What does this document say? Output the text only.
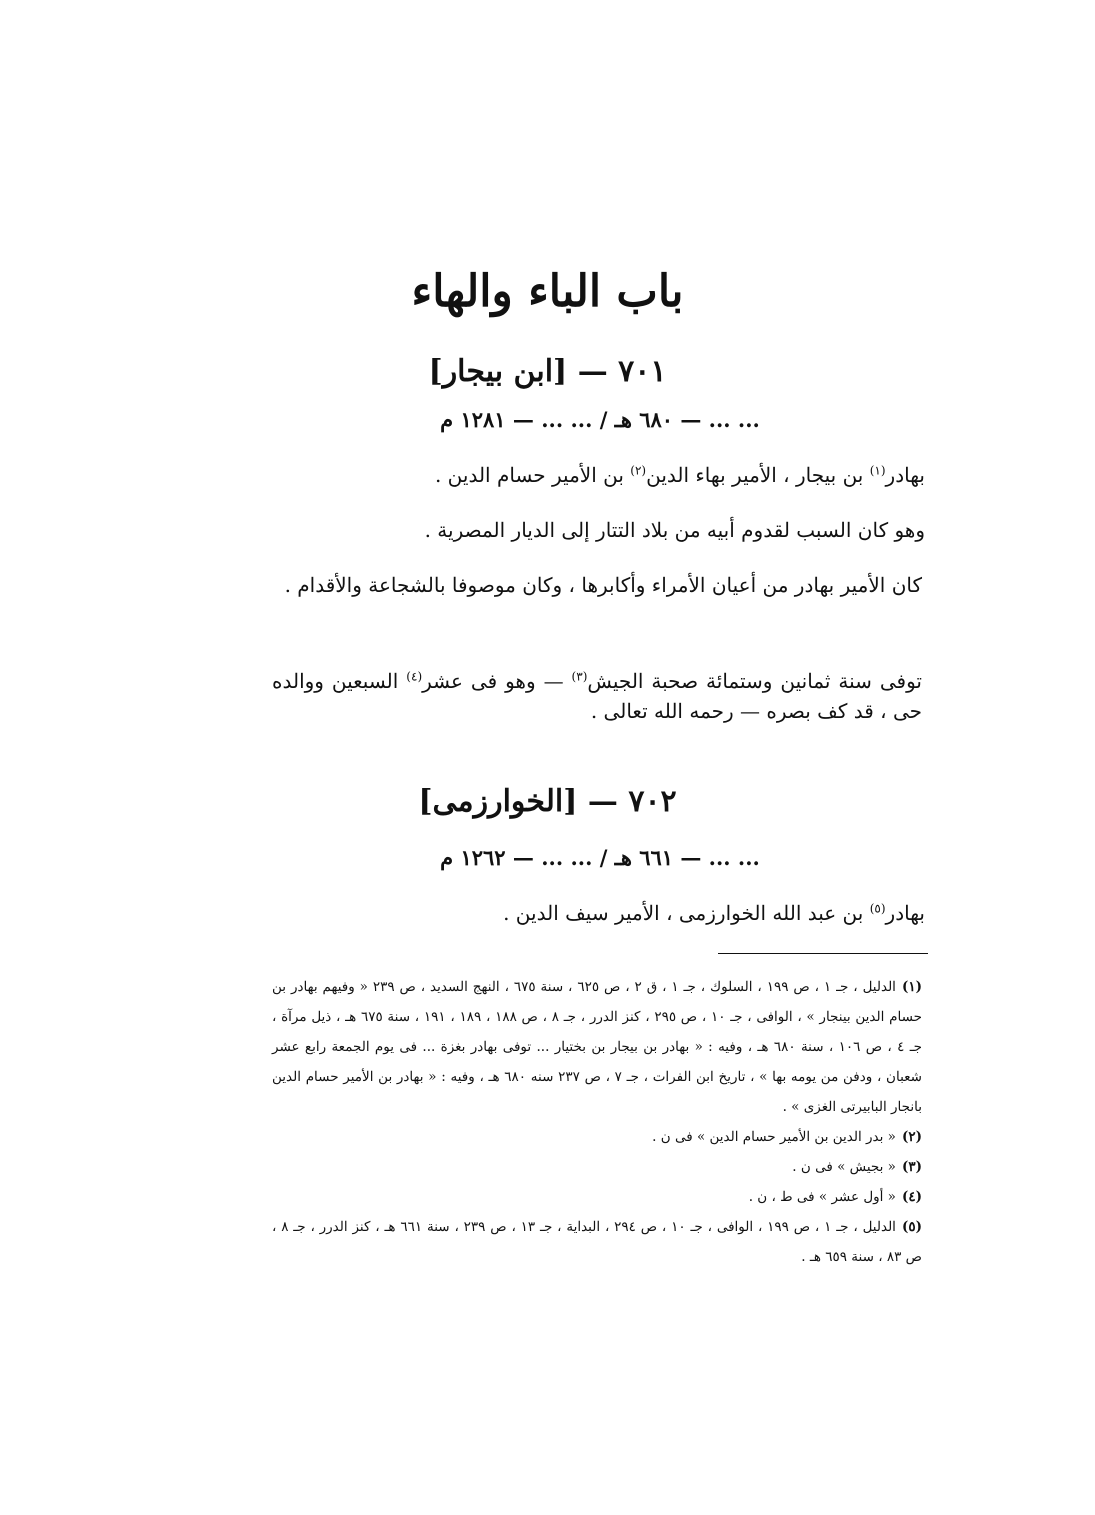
باب الباء والهاء
٧٠١ — [ابن بيجار]
... ... — ٦٨٠ هـ / ... ... — ١٢٨١ م
بهادر$^{(١)}$ بن بيجار ، الأمير بهاء الدين$^{(٢)}$ بن الأمير حسام الدين .
وهو كان السبب لقدوم أبيه من بلاد التتار إلى الديار المصرية .
كان الأمير بهادر من أعيان الأمراء وأكابرها ، وكان موصوفا بالشجاعة والأقدام .
توفى سنة ثمانين وستمائة صحبة الجيش$^{(٣)}$ — وهو فى عشر$^{(٤)}$ السبعين ووالده حى ، قد كف بصره — رحمه الله تعالى .
٧٠٢ — [الخوارزمى]
... ... — ٦٦١ هـ / ... ... — ١٢٦٢ م
بهادر$^{(٥)}$ بن عبد الله الخوارزمى ، الأمير سيف الدين .
(١)الدليل ، جـ ١ ، ص ١٩٩ ، السلوك ، جـ ١ ، ق ٢ ، ص ٦٢٥ ، سنة ٦٧٥ ، النهج السديد ، ص ٢٣٩ « وفيهم بهادر بن حسام الدين بينجار » ، الوافى ، جـ ١٠ ، ص ٢٩٥ ، كنز الدرر ، جـ ٨ ، ص ١٨٨ ، ١٨٩ ، ١٩١ ، سنة ٦٧٥ هـ ، ذيل مرآة ، جـ ٤ ، ص ١٠٦ ، سنة ٦٨٠ هـ ، وفيه : « بهادر بن بيجار بن بختيار ... توفى بهادر بغزة ... فى يوم الجمعة رابع عشر شعبان ، ودفن من يومه بها » ، تاريخ ابن الفرات ، جـ ٧ ، ص ٢٣٧ سنه ٦٨٠ هـ ، وفيه : « بهادر بن الأمير حسام الدين بانجار البابيرتى الغزى » .
(٢)« بدر الدين بن الأمير حسام الدين » فى ن .
(٣)« بجيش » فى ن .
(٤)« أول عشر » فى ط ، ن .
(٥)الدليل ، جـ ١ ، ص ١٩٩ ، الوافى ، جـ ١٠ ، ص ٢٩٤ ، البداية ، جـ ١٣ ، ص ٢٣٩ ، سنة ٦٦١ هـ ، كنز الدرر ، جـ ٨ ، ص ٨٣ ، سنة ٦٥٩ هـ .
